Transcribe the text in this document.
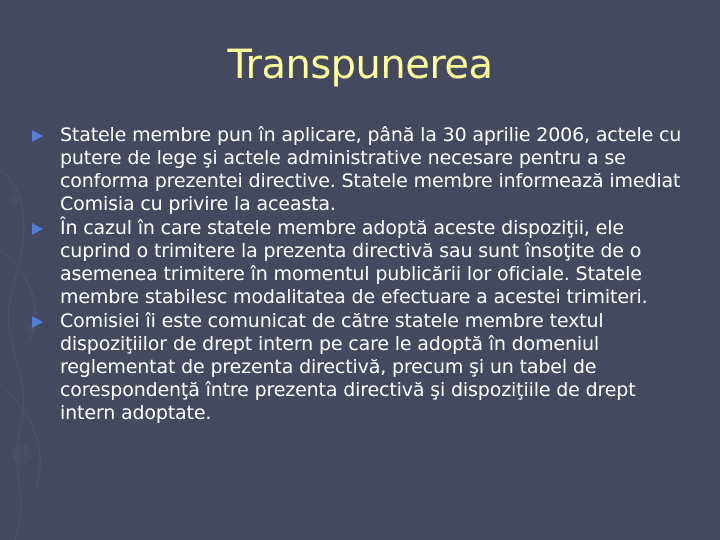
Transpunerea
Statele membre pun în aplicare, până la 30 aprilie 2006, actele cu putere de lege şi actele administrative necesare pentru a se conforma prezentei directive. Statele membre informează imediat Comisia cu privire la aceasta.
În cazul în care statele membre adoptă aceste dispoziţii, ele cuprind o trimitere la prezenta directivă sau sunt însoţite de o asemenea trimitere în momentul publicării lor oficiale. Statele membre stabilesc modalitatea de efectuare a acestei trimiteri.
Comisiei îi este comunicat de către statele membre textul dispoziţiilor de drept intern pe care le adoptă în domeniul reglementat de prezenta directivă, precum şi un tabel de corespondenţă între prezenta directivă şi dispoziţiile de drept intern adoptate.
